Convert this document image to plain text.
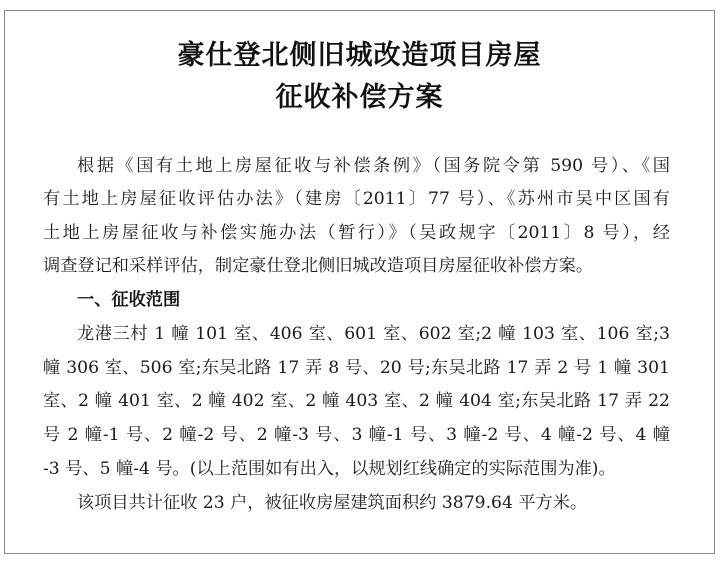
豪仕登北侧旧城改造项目房屋
征收补偿方案
根据《国有土地上房屋征收与补偿条例》（国务院令第 590 号）、《国
有土地上房屋征收评估办法》（建房〔2011〕77 号）、《苏州市吴中区国有
土地上房屋征收与补偿实施办法（暂行）》（吴政规字〔2011〕8 号），经
调查登记和采样评估，制定豪仕登北侧旧城改造项目房屋征收补偿方案。
一、征收范围
龙港三村 1 幢 101 室、406 室、601 室、602 室;2 幢 103 室、106 室;3
幢 306 室、506 室;东吴北路 17 弄 8 号、20 号;东吴北路 17 弄 2 号 1 幢 301
室、2 幢 401 室、2 幢 402 室、2 幢 403 室、2 幢 404 室;东吴北路 17 弄 22
号 2 幢-1 号、2 幢-2 号、2 幢-3 号、3 幢-1 号、3 幢-2 号、4 幢-2 号、4 幢
-3 号、5 幢-4 号。(以上范围如有出入，以规划红线确定的实际范围为准)。
该项目共计征收 23 户，被征收房屋建筑面积约 3879.64 平方米。
